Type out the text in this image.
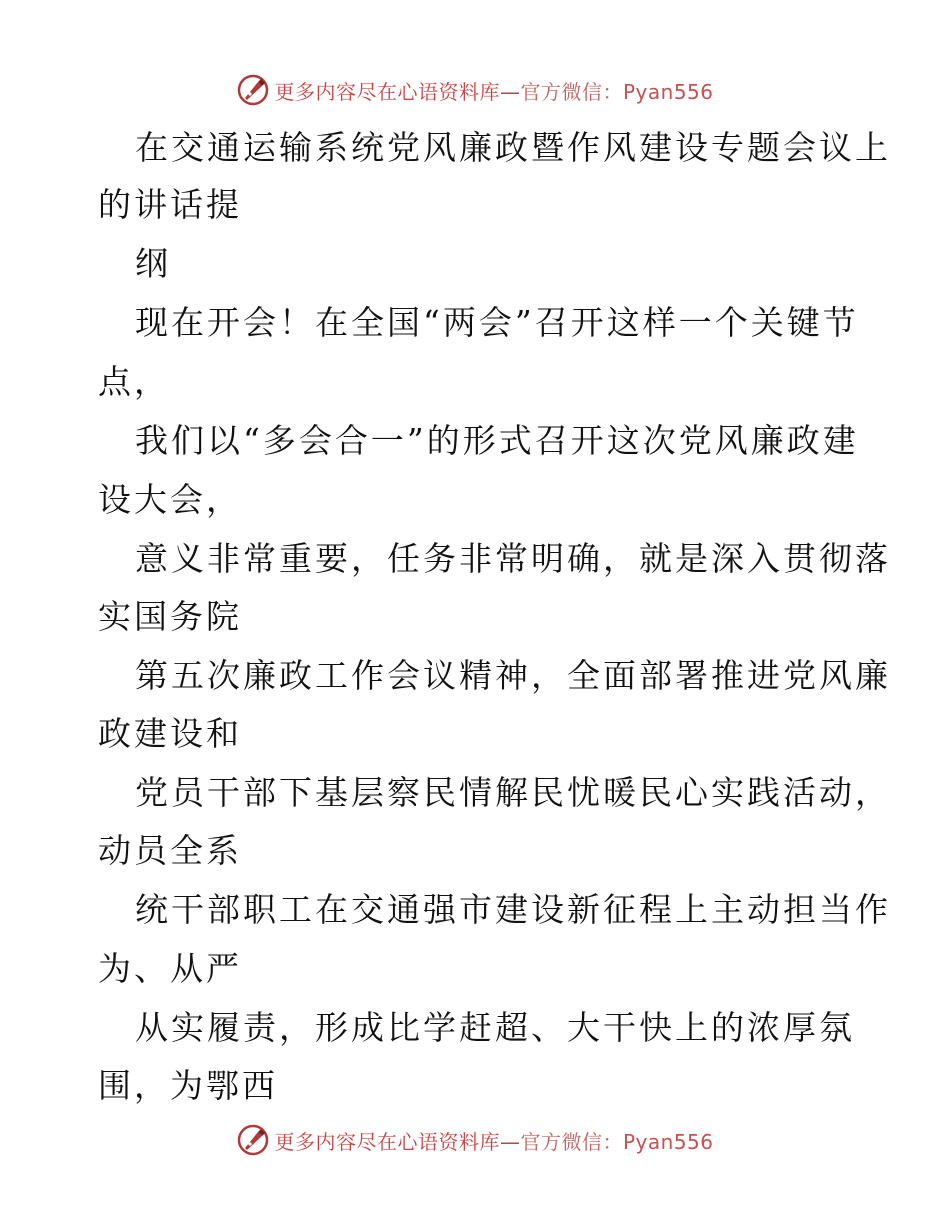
更多内容尽在心语资料库—官方微信：Pyan556
在交通运输系统党风廉政暨作风建设专题会议上
的讲话提
纲
现在开会！在全国“两会”召开这样一个关键节
点，
我们以“多会合一”的形式召开这次党风廉政建
设大会，
意义非常重要，任务非常明确，就是深入贯彻落
实国务院
第五次廉政工作会议精神，全面部署推进党风廉
政建设和
党员干部下基层察民情解民忧暖民心实践活动，
动员全系
统干部职工在交通强市建设新征程上主动担当作
为、从严
从实履责，形成比学赶超、大干快上的浓厚氛
围，为鄂西
更多内容尽在心语资料库—官方微信：Pyan556
